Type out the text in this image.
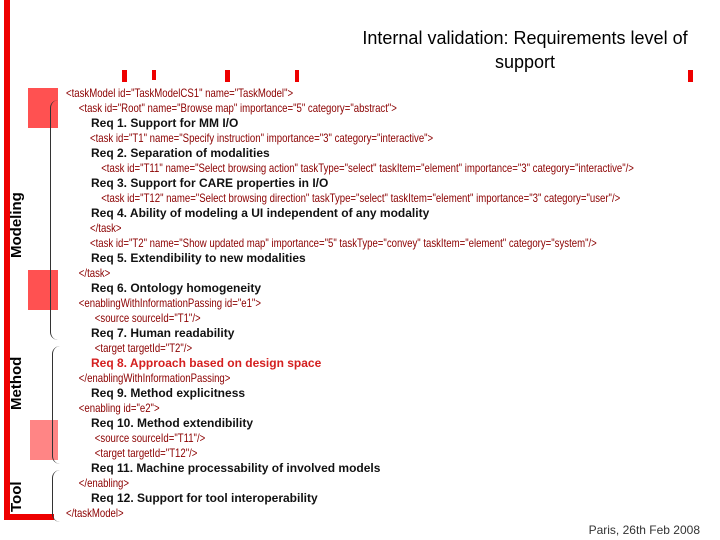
Internal validation: Requirements level of support
Modeling
Method
Tool
<taskModel id="TaskModelCS1" name="TaskModel">
<task id="Root" name="Browse map" importance="5" category="abstract">
Req 1. Support for MM I/O
<task id="T1" name="Specify instruction" importance="3" category="interactive">
Req 2. Separation of modalities
<task id="T11" name="Select browsing action" taskType="select" taskItem="element" importance="3" category="interactive"/>
Req 3. Support for CARE properties in I/O
<task id="T12" name="Select browsing direction" taskType="select" taskItem="element" importance="3" category="user"/>
Req 4. Ability of modeling a UI independent of any modality
</task>
<task id="T2" name="Show updated map" importance="5" taskType="convey" taskItem="element" category="system"/>
Req 5. Extendibility to new modalities
</task>
Req 6. Ontology homogeneity
<enablingWithInformationPassing id="e1">
<source sourceId="T1"/>
Req 7. Human readability
<target targetId="T2"/>
Req 8. Approach based on design space
</enablingWithInformationPassing>
Req 9. Method explicitness
<enabling id="e2">
Req 10. Method extendibility
<source sourceId="T11"/>
<target targetId="T12"/>
Req 11. Machine processability of involved models
</enabling>
Req 12. Support for tool interoperability
</taskModel>
Paris, 26th Feb 2008
